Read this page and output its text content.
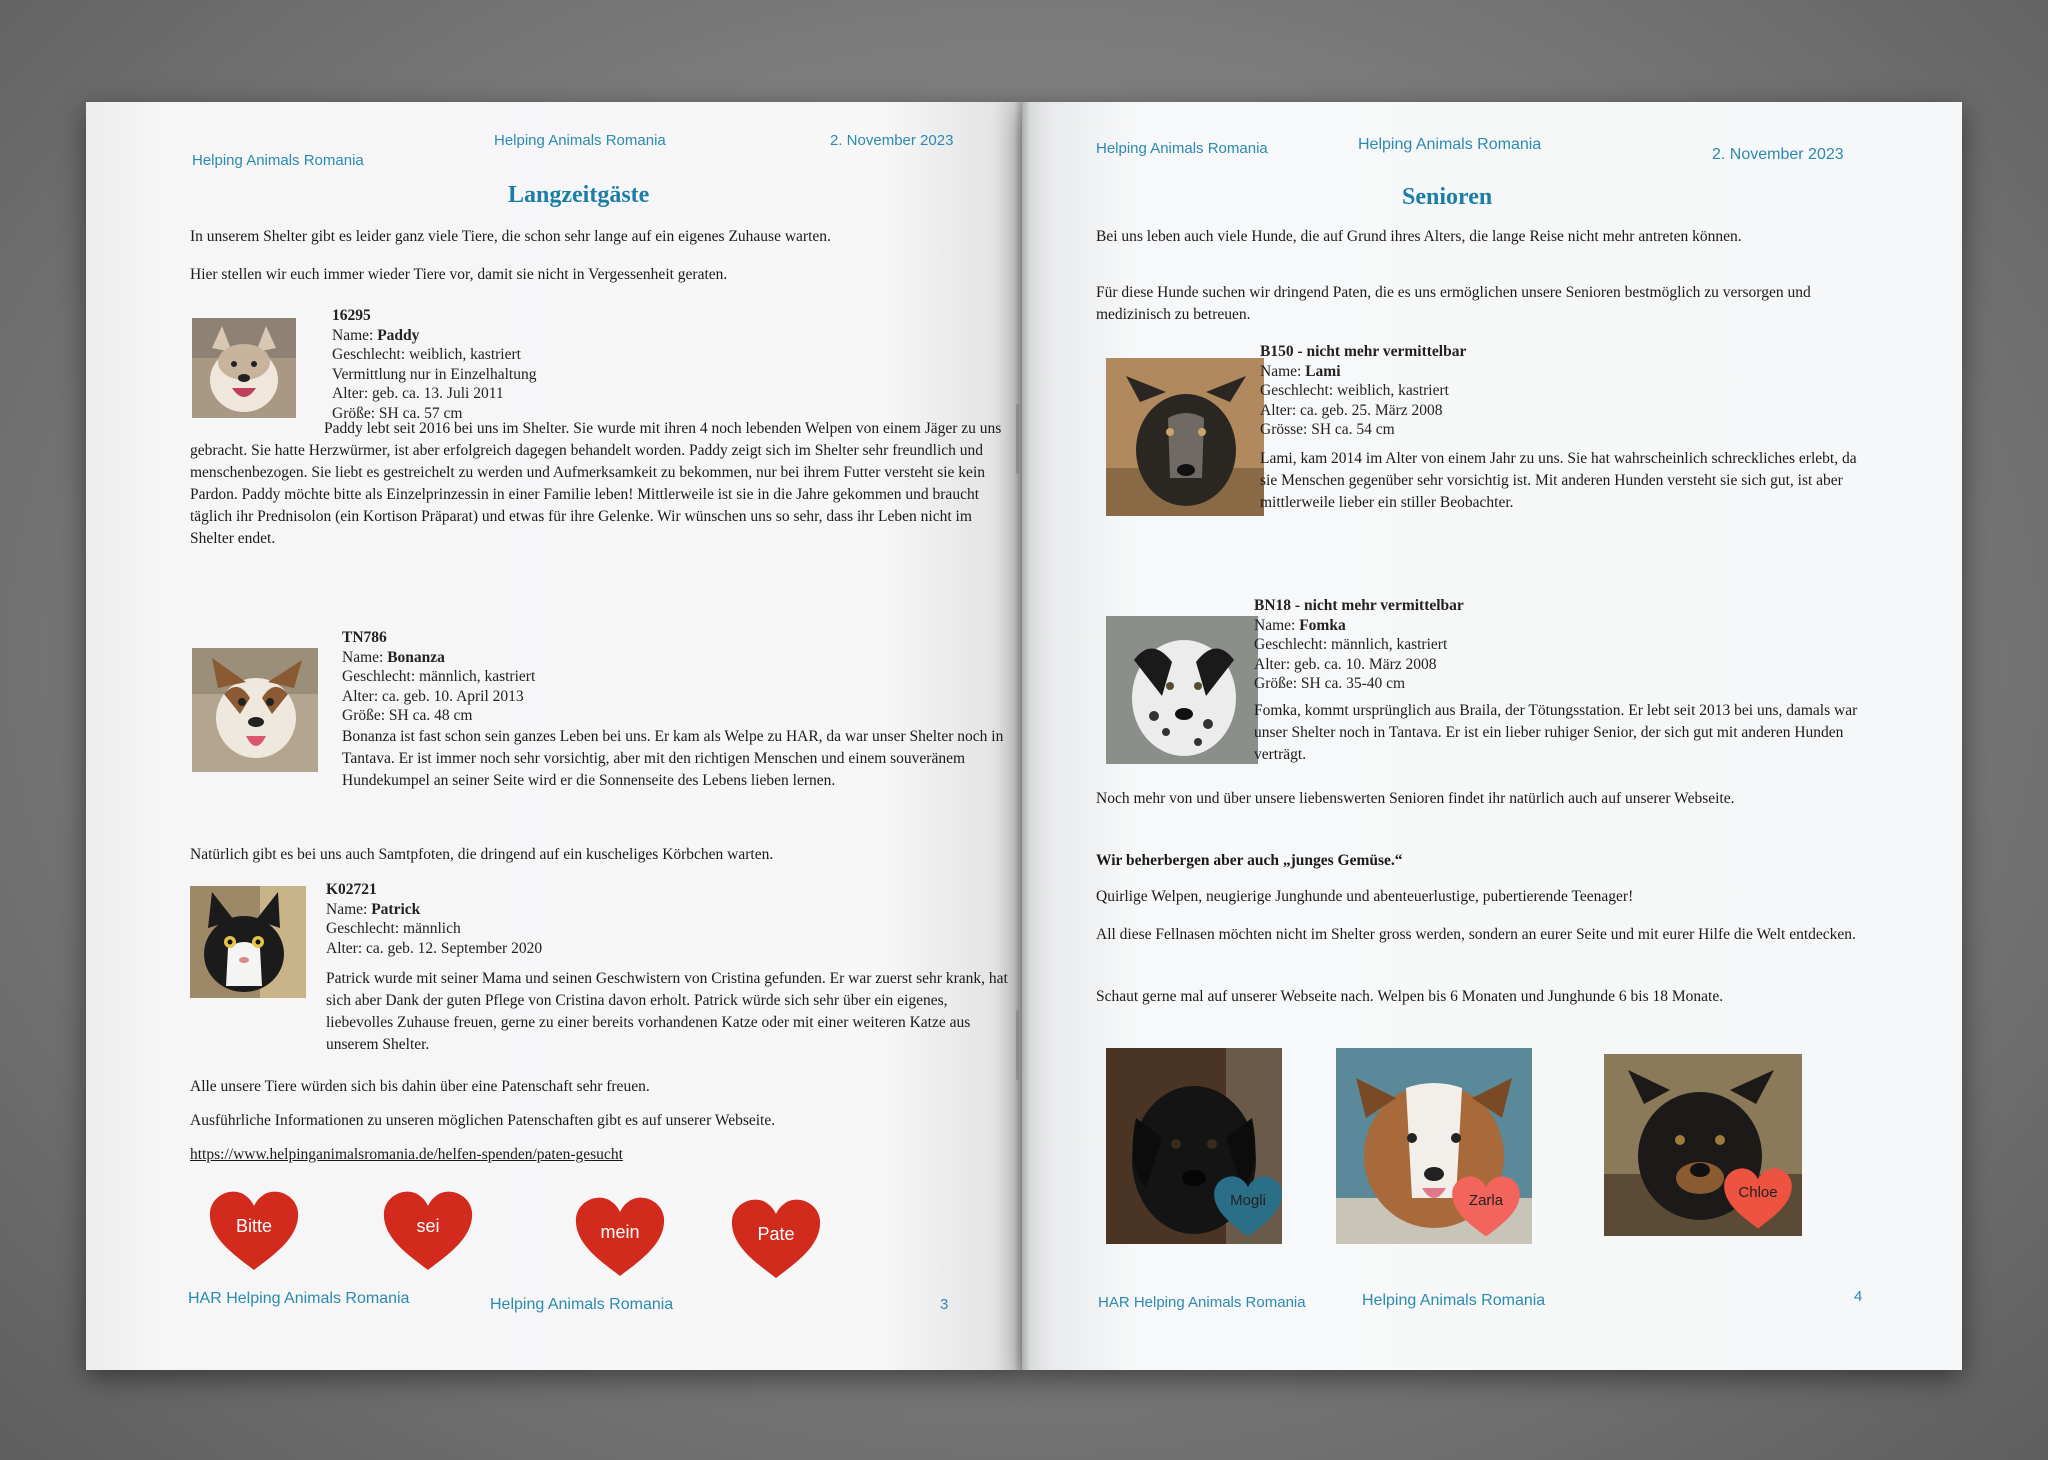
Helping Animals Romania
Helping Animals Romania	2. November 2023
Langzeitgäste
In unserem Shelter gibt es leider ganz viele Tiere, die schon sehr lange auf ein eigenes Zuhause warten.
Hier stellen wir euch immer wieder Tiere vor, damit sie nicht in Vergessenheit geraten.
16295
Name: Paddy
Geschlecht: weiblich, kastriert
Vermittlung nur in Einzelhaltung
Alter: geb. ca. 13. Juli 2011
Größe: SH ca. 57 cm
Paddy lebt seit 2016 bei uns im Shelter. Sie wurde mit ihren 4 noch lebenden Welpen von einem Jäger zu uns gebracht. Sie hatte Herzwürmer, ist aber erfolgreich dagegen behandelt worden. Paddy zeigt sich im Shelter sehr freundlich und menschenbezogen. Sie liebt es gestreichelt zu werden und Aufmerksamkeit zu bekommen, nur bei ihrem Futter versteht sie kein Pardon. Paddy möchte bitte als Einzelprinzessin in einer Familie leben! Mittlerweile ist sie in die Jahre gekommen und braucht täglich ihr Prednisolon (ein Kortison Präparat) und etwas für ihre Gelenke. Wir wünschen uns so sehr, dass ihr Leben nicht im Shelter endet.
TN786
Name: Bonanza
Geschlecht: männlich, kastriert
Alter: ca. geb. 10. April 2013
Größe: SH ca. 48 cm

Bonanza ist fast schon sein ganzes Leben bei uns. Er kam als Welpe zu HAR, da war unser Shelter noch in Tantava. Er ist immer noch sehr vorsichtig, aber mit den richtigen Menschen und einem souveränem Hundekumpel an seiner Seite wird er die Sonnenseite des Lebens lieben lernen.

Natürlich gibt es bei uns auch Samtpfoten, die dringend auf ein kuscheliges Körbchen warten.
K02721
Name: Patrick
Geschlecht: männlich
Alter: ca. geb. 12. September 2020

Patrick wurde mit seiner Mama und seinen Geschwistern von Cristina gefunden. Er war zuerst sehr krank, hat sich aber Dank der guten Pflege von Cristina davon erholt. Patrick würde sich sehr über ein eigenes, liebevolles Zuhause freuen, gerne zu einer bereits vorhandenen Katze oder mit einer weiteren Katze aus unserem Shelter.

Alle unsere Tiere würden sich bis dahin über eine Patenschaft sehr freuen.
Ausführliche Informationen zu unseren möglichen Patenschaften gibt es auf unserer Webseite.
https://www.helpinganimalsromania.de/helfen-spenden/paten-gesucht
Bitte	sei	mein	Pate
HAR Helping Animals Romania	Helping Animals Romania	3
Helping Animals Romania	Helping Animals Romania
2. November 2023
Senioren
Bei uns leben auch viele Hunde, die auf Grund ihres Alters, die lange Reise nicht mehr antreten können.
Für diese Hunde suchen wir dringend Paten, die es uns ermöglichen unsere Senioren bestmöglich zu versorgen und medizinisch zu betreuen.
B150 - nicht mehr vermittelbar
Name: Lami
Geschlecht: weiblich, kastriert
Alter: ca. geb. 25. März 2008
Grösse: SH ca. 54 cm
Lami, kam 2014 im Alter von einem Jahr zu uns. Sie hat wahrscheinlich schreckliches erlebt, da sie Menschen gegenüber sehr vorsichtig ist. Mit anderen Hunden versteht sie sich gut, ist aber mittlerweile lieber ein stiller Beobachter.
BN18 - nicht mehr vermittelbar
Name: Fomka
Geschlecht: männlich, kastriert
Alter: geb. ca. 10. März 2008
Größe: SH ca. 35-40 cm
Fomka, kommt ursprünglich aus Braila, der Tötungsstation. Er lebt seit 2013 bei uns, damals war unser Shelter noch in Tantava. Er ist ein lieber ruhiger Senior, der sich gut mit anderen Hunden verträgt.
Noch mehr von und über unsere liebenswerten Senioren findet ihr natürlich auch auf unserer Webseite.
Wir beherbergen aber auch „junges Gemüse.“
Quirlige Welpen, neugierige Junghunde und abenteuerlustige, pubertierende Teenager!
All diese Fellnasen möchten nicht im Shelter gross werden, sondern an eurer Seite und mit eurer Hilfe die Welt entdecken.
Schaut gerne mal auf unserer Webseite nach. Welpen bis 6 Monaten und Junghunde 6 bis 18 Monate.
Mogli	Zarla	Chloe
HAR Helping Animals Romania	Helping Animals Romania	4
